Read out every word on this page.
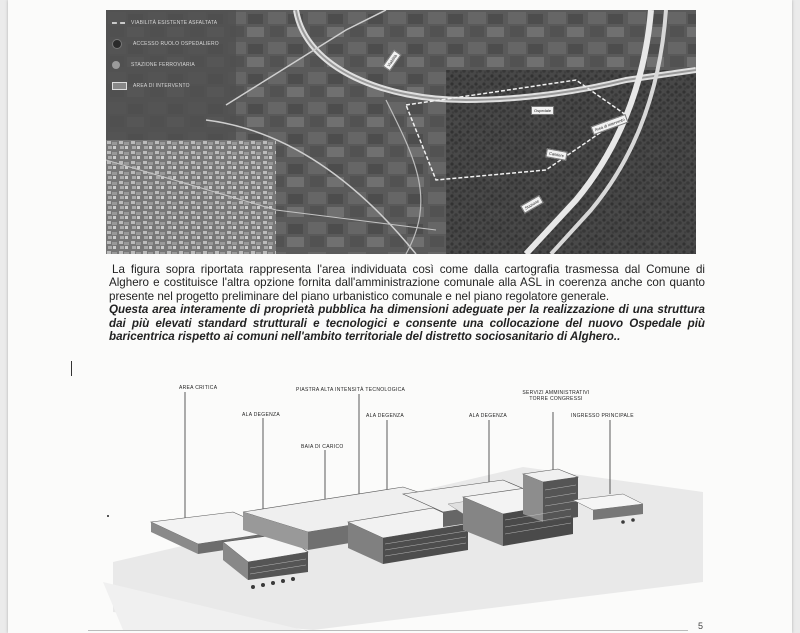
Viabilità
Ospedale
Cantiere
Stazione
Area di intervento
VIABILITÀ ESISTENTE ASFALTATA
ACCESSO RUOLO OSPEDALIERO
STAZIONE FERROVIARIA
AREA DI INTERVENTO

La figura sopra riportata rappresenta l'area individuata così come dalla cartografia trasmessa dal Comune di Alghero e costituisce l'altra opzione fornita dall'amministrazione comunale alla ASL in coerenza anche con quanto presente nel progetto preliminare del piano urbanistico comunale e nel piano regolatore generale.

Questa area interamente di proprietà pubblica ha dimensioni adeguate per la realizzazione di una struttura dai più elevati standard strutturali e tecnologici e consente una collocazione del nuovo Ospedale più baricentrica rispetto ai comuni nell'ambito territoriale del distretto sociosanitario di Alghero..

AREA CRITICA	PIASTRA ALTA INTENSITÀ TECNOLOGICA
ALA DEGENZA
BAIA DI CARICO
ALA DEGENZA	ALA DEGENZA
SERVIZI AMMINISTRATIVI TORRE CONGRESSI
INGRESSO PRINCIPALE
5
